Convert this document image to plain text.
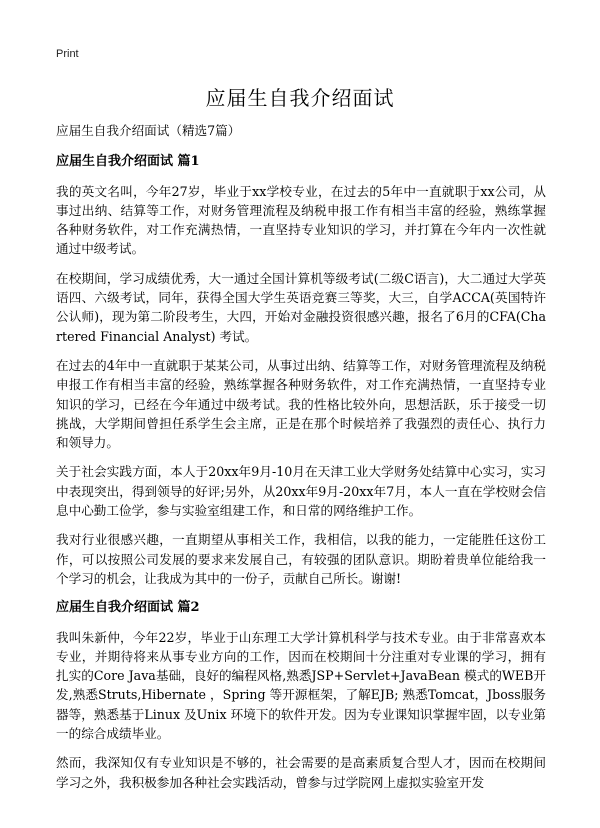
Print
应届生自我介绍面试

应届生自我介绍面试（精选7篇）

应届生自我介绍面试 篇1

我的英文名叫，今年27岁，毕业于xx学校专业，在过去的5年中一直就职于xx公司，从事过出纳、结算等工作，对财务管理流程及纳税申报工作有相当丰富的经验，熟练掌握各种财务软件，对工作充满热情，一直坚持专业知识的学习，并打算在今年内一次性就通过中级考试。

在校期间，学习成绩优秀，大一通过全国计算机等级考试(二级C语言)，大二通过大学英语四、六级考试，同年，获得全国大学生英语竞赛三等奖，大三，自学ACCA(英国特许公认师)，现为第二阶段考生，大四，开始对金融投资很感兴趣，报名了6月的CFA(Chartered Financial Analyst) 考试。

在过去的4年中一直就职于某某公司，从事过出纳、结算等工作，对财务管理流程及纳税申报工作有相当丰富的经验，熟练掌握各种财务软件，对工作充满热情，一直坚持专业知识的学习，已经在今年通过中级考试。我的性格比较外向，思想活跃，乐于接受一切挑战，大学期间曾担任系学生会主席，正是在那个时候培养了我强烈的责任心、执行力和领导力。

关于社会实践方面，本人于20xx年9月-10月在天津工业大学财务处结算中心实习，实习中表现突出，得到领导的好评;另外，从20xx年9月-20xx年7月，本人一直在学校财会信息中心勤工俭学，参与实验室组建工作，和日常的网络维护工作。

我对行业很感兴趣，一直期望从事相关工作，我相信，以我的能力，一定能胜任这份工作，可以按照公司发展的要求来发展自己，有较强的团队意识。期盼着贵单位能给我一个学习的机会，让我成为其中的一份子，贡献自己所长。谢谢!

应届生自我介绍面试 篇2

我叫朱新仲，今年22岁，毕业于山东理工大学计算机科学与技术专业。由于非常喜欢本专业，并期待将来从事专业方向的工作，因而在校期间十分注重对专业课的学习，拥有扎实的Core Java基础，良好的编程风格,熟悉JSP+Servlet+JavaBean 模式的WEB开发,熟悉Struts,Hibernate ，Spring 等开源框架，了解EJB; 熟悉Tomcat，Jboss服务器等，熟悉基于Linux 及Unix 环境下的软件开发。因为专业课知识掌握牢固，以专业第一的综合成绩毕业。

然而，我深知仅有专业知识是不够的，社会需要的是高素质复合型人才，因而在校期间学习之外，我积极参加各种社会实践活动，曾参与过学院网上虚拟实验室开发
